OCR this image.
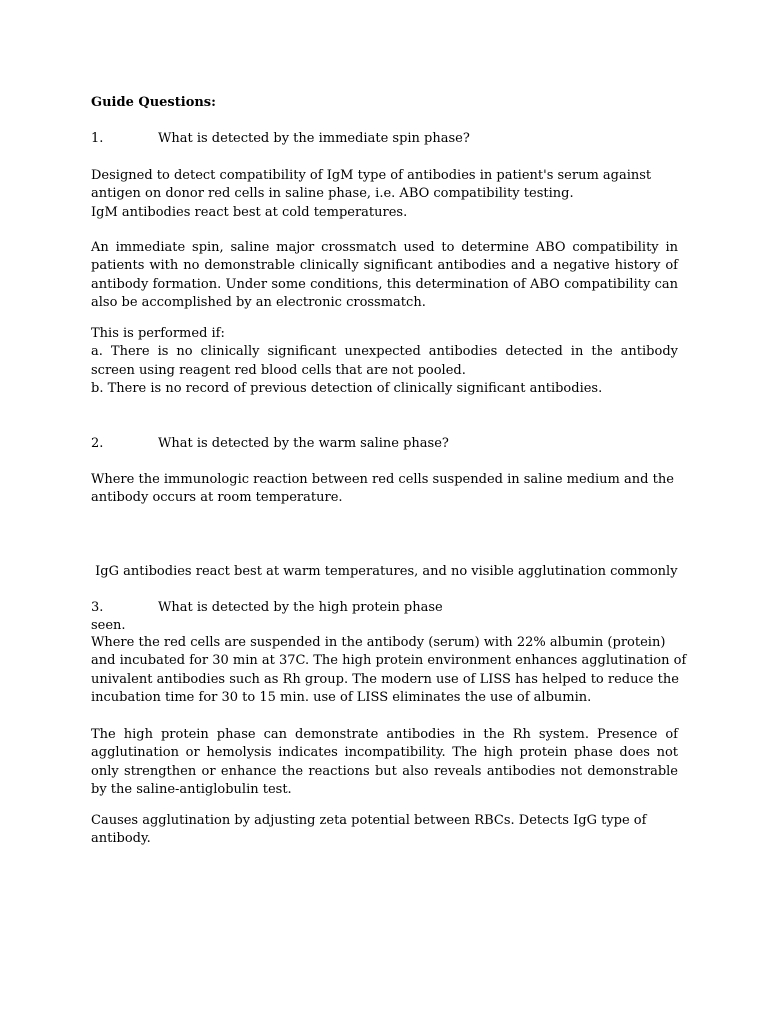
Guide Questions:
1.	What is detected by the immediate spin phase?
Designed to detect compatibility of IgM type of antibodies in patient's serum against
antigen on donor red cells in saline phase, i.e. ABO compatibility testing.
IgM antibodies react best at cold temperatures.

An immediate spin, saline major crossmatch used to determine ABO compatibility in patients with no demonstrable clinically significant antibodies and a negative history of antibody formation. Under some conditions, this determination of ABO compatibility can also be accomplished by an electronic crossmatch.

This is performed if:
a. There is no clinically significant unexpected antibodies detected in the antibody screen using reagent red blood cells that are not pooled.
b. There is no record of previous detection of clinically significant antibodies.
2.	What is detected by the warm saline phase?
Where the immunologic reaction between red cells suspended in saline medium and the
antibody occurs at room temperature.

IgG antibodies react best at warm temperatures, and no visible agglutination commonly

seen.

3.	What is detected by the high protein phase
Where the red cells are suspended in the antibody (serum) with 22% albumin (protein)
and incubated for 30 min at 37C. The high protein environment enhances agglutination of
univalent antibodies such as Rh group. The modern use of LISS has helped to reduce the
incubation time for 30 to 15 min. use of LISS eliminates the use of albumin.

The high protein phase can demonstrate antibodies in the Rh system. Presence of agglutination or hemolysis indicates incompatibility. The high protein phase does not only strengthen or enhance the reactions but also reveals antibodies not demonstrable by the saline-antiglobulin test.

Causes agglutination by adjusting zeta potential between RBCs. Detects IgG type of
antibody.
